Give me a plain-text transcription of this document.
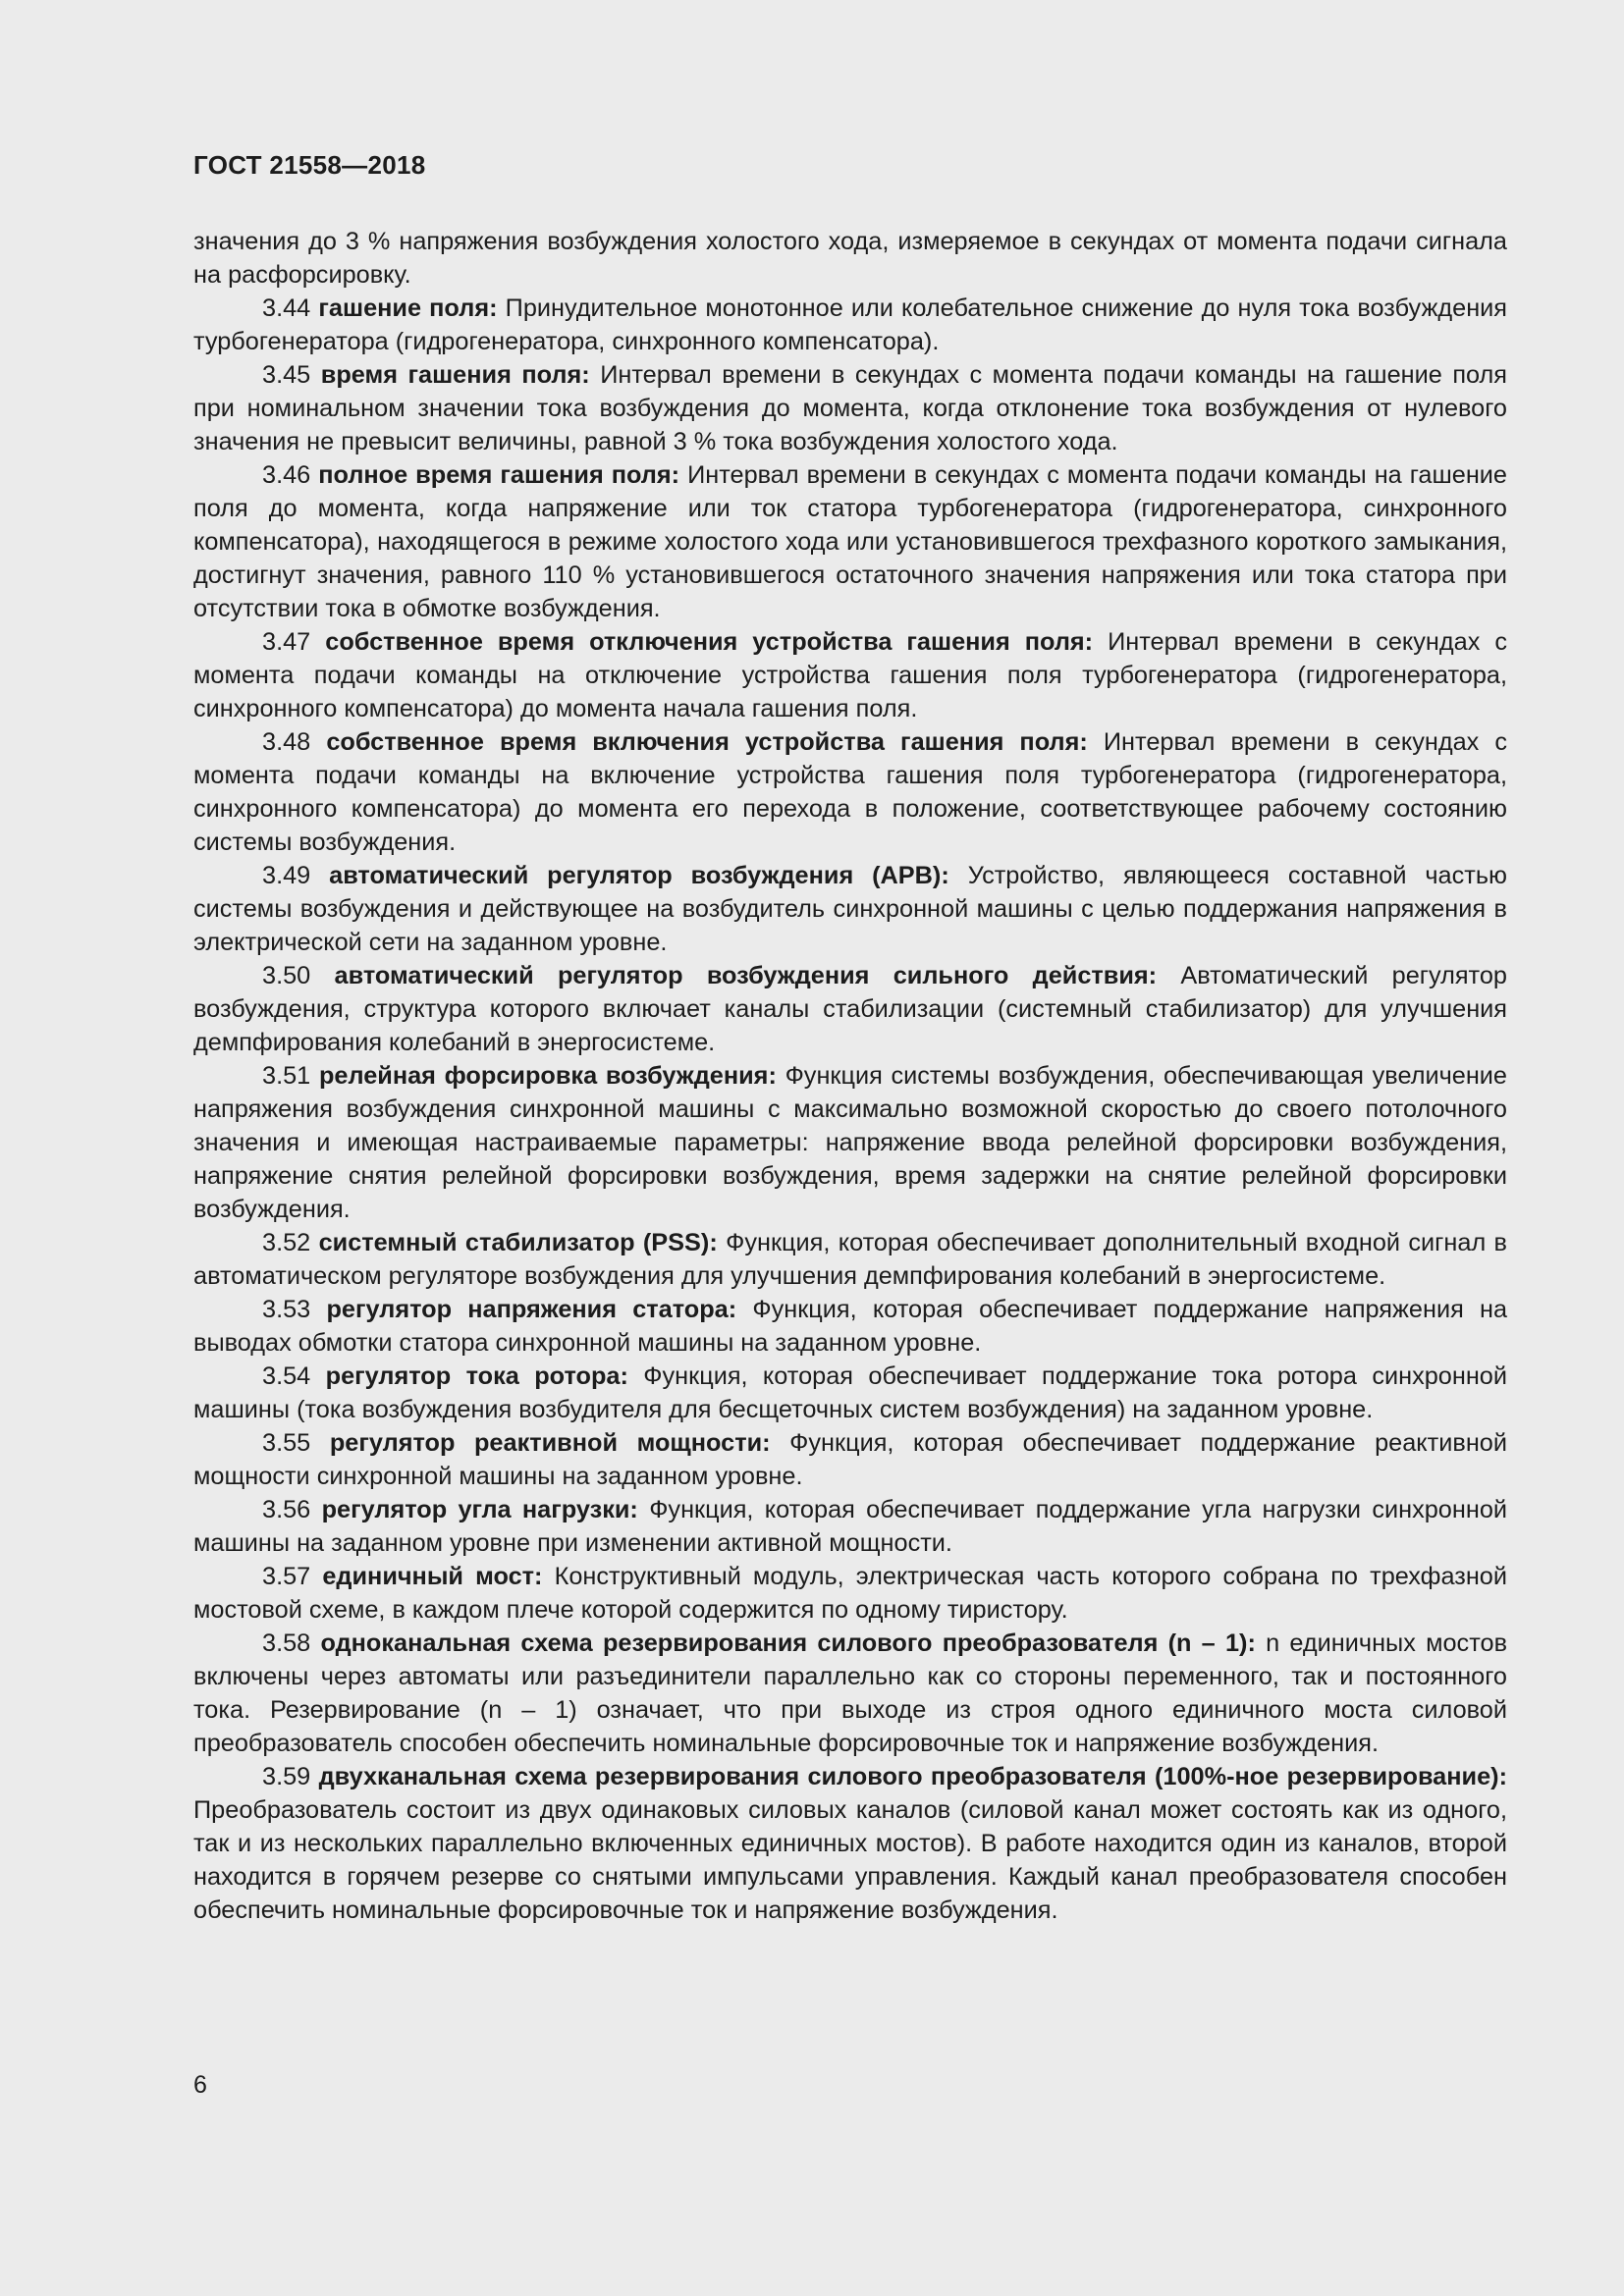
ГОСТ 21558—2018

значения до 3 % напряжения возбуждения холостого хода, измеряемое в секундах от момента подачи сигнала на расфорсировку.

3.44 гашение поля: Принудительное монотонное или колебательное снижение до нуля тока возбуждения турбогенератора (гидрогенератора, синхронного компенсатора).

3.45 время гашения поля: Интервал времени в секундах с момента подачи команды на гашение поля при номинальном значении тока возбуждения до момента, когда отклонение тока возбуждения от нулевого значения не превысит величины, равной 3 % тока возбуждения холостого хода.

3.46 полное время гашения поля: Интервал времени в секундах с момента подачи команды на гашение поля до момента, когда напряжение или ток статора турбогенератора (гидрогенератора, синхронного компенсатора), находящегося в режиме холостого хода или установившегося трехфазного короткого замыкания, достигнут значения, равного 110 % установившегося остаточного значения напряжения или тока статора при отсутствии тока в обмотке возбуждения.

3.47 собственное время отключения устройства гашения поля: Интервал времени в секундах с момента подачи команды на отключение устройства гашения поля турбогенератора (гидрогенератора, синхронного компенсатора) до момента начала гашения поля.

3.48 собственное время включения устройства гашения поля: Интервал времени в секундах с момента подачи команды на включение устройства гашения поля турбогенератора (гидрогенератора, синхронного компенсатора) до момента его перехода в положение, соответствующее рабочему состоянию системы возбуждения.

3.49 автоматический регулятор возбуждения (АРВ): Устройство, являющееся составной частью системы возбуждения и действующее на возбудитель синхронной машины с целью поддержания напряжения в электрической сети на заданном уровне.

3.50 автоматический регулятор возбуждения сильного действия: Автоматический регулятор возбуждения, структура которого включает каналы стабилизации (системный стабилизатор) для улучшения демпфирования колебаний в энергосистеме.

3.51 релейная форсировка возбуждения: Функция системы возбуждения, обеспечивающая увеличение напряжения возбуждения синхронной машины с максимально возможной скоростью до своего потолочного значения и имеющая настраиваемые параметры: напряжение ввода релейной форсировки возбуждения, напряжение снятия релейной форсировки возбуждения, время задержки на снятие релейной форсировки возбуждения.

3.52 системный стабилизатор (PSS): Функция, которая обеспечивает дополнительный входной сигнал в автоматическом регуляторе возбуждения для улучшения демпфирования колебаний в энергосистеме.

3.53 регулятор напряжения статора: Функция, которая обеспечивает поддержание напряжения на выводах обмотки статора синхронной машины на заданном уровне.

3.54 регулятор тока ротора: Функция, которая обеспечивает поддержание тока ротора синхронной машины (тока возбуждения возбудителя для бесщеточных систем возбуждения) на заданном уровне.

3.55 регулятор реактивной мощности: Функция, которая обеспечивает поддержание реактивной мощности синхронной машины на заданном уровне.

3.56 регулятор угла нагрузки: Функция, которая обеспечивает поддержание угла нагрузки синхронной машины на заданном уровне при изменении активной мощности.

3.57 единичный мост: Конструктивный модуль, электрическая часть которого собрана по трехфазной мостовой схеме, в каждом плече которой содержится по одному тиристору.

3.58 одноканальная схема резервирования силового преобразователя (n – 1): n единичных мостов включены через автоматы или разъединители параллельно как со стороны переменного, так и постоянного тока. Резервирование (n – 1) означает, что при выходе из строя одного единичного моста силовой преобразователь способен обеспечить номинальные форсировочные ток и напряжение возбуждения.

3.59 двухканальная схема резервирования силового преобразователя (100%-ное резервирование): Преобразователь состоит из двух одинаковых силовых каналов (силовой канал может состоять как из одного, так и из нескольких параллельно включенных единичных мостов). В работе находится один из каналов, второй находится в горячем резерве со снятыми импульсами управления. Каждый канал преобразователя способен обеспечить номинальные форсировочные ток и напряжение возбуждения.

6
